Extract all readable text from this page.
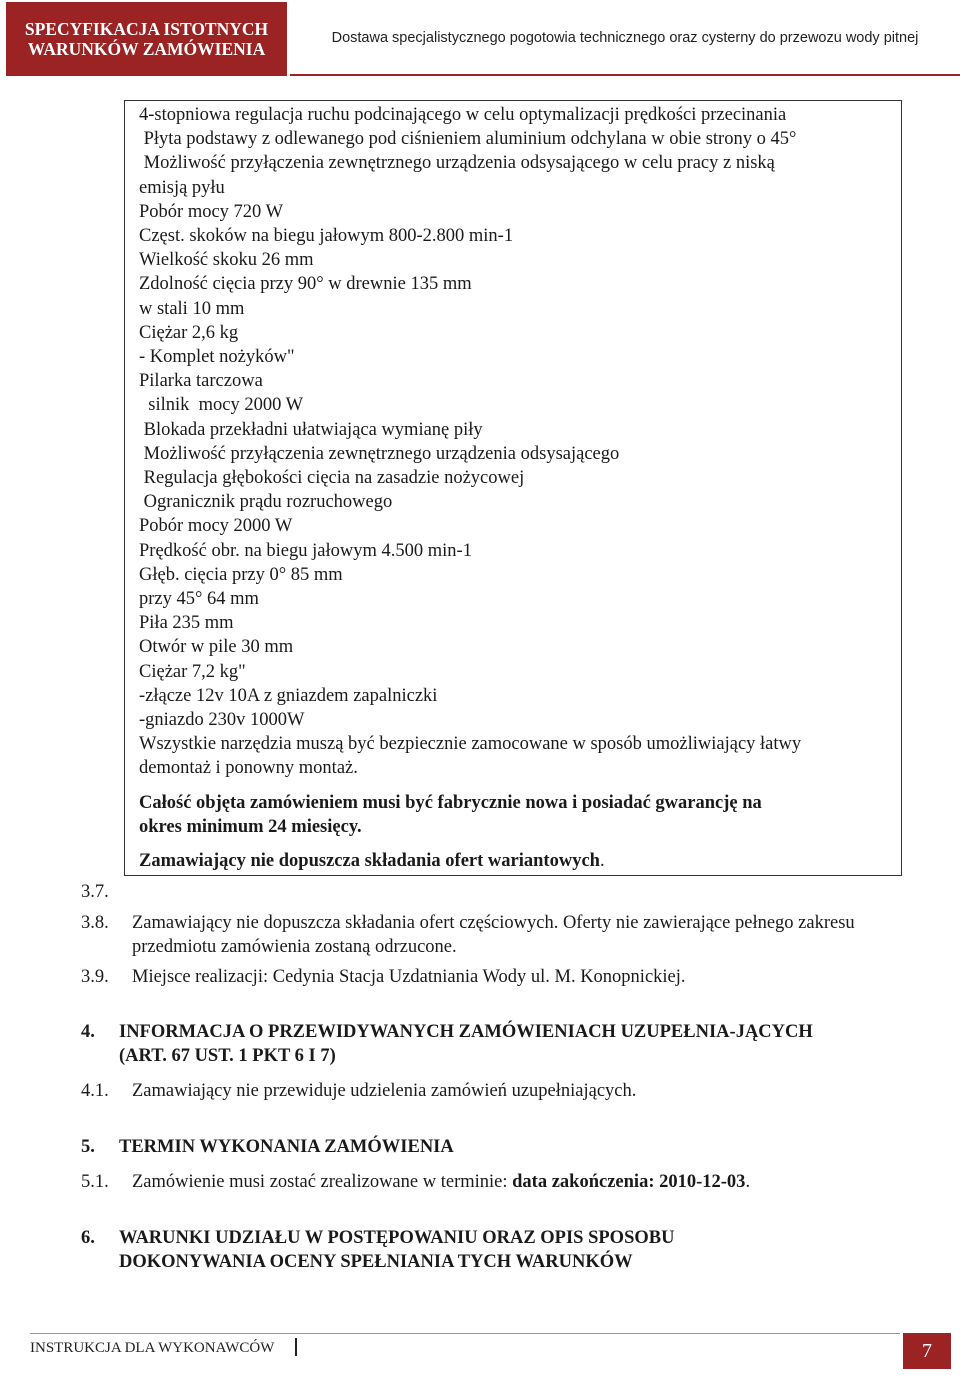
SPECYFIKACJA ISTOTNYCH
WARUNKÓW ZAMÓWIENIA
Dostawa specjalistycznego pogotowia technicznego oraz cysterny do przewozu wody pitnej
4-stopniowa regulacja ruchu podcinającego w celu optymalizacji prędkości przecinania
Płyta podstawy z odlewanego pod ciśnieniem aluminium odchylana w obie strony o 45°
Możliwość przyłączenia zewnętrznego urządzenia odsysającego w celu pracy z niską
emisją pyłu
Pobór mocy 720 W
Częst. skoków na biegu jałowym 800-2.800 min-1
Wielkość skoku 26 mm
Zdolność cięcia przy 90° w drewnie 135 mm
w stali 10 mm
Ciężar 2,6 kg
- Komplet nożyków"
Pilarka tarczowa
silnik  mocy 2000 W
Blokada przekładni ułatwiająca wymianę piły
Możliwość przyłączenia zewnętrznego urządzenia odsysającego
Regulacja głębokości cięcia na zasadzie nożycowej
Ogranicznik prądu rozruchowego
Pobór mocy 2000 W
Prędkość obr. na biegu jałowym 4.500 min-1
Głęb. cięcia przy 0° 85 mm
przy 45° 64 mm
Piła 235 mm
Otwór w pile 30 mm
Ciężar 7,2 kg"
-złącze 12v 10A z gniazdem zapalniczki
-gniazdo 230v 1000W
Wszystkie narzędzia muszą być bezpiecznie zamocowane w sposób umożliwiający łatwy
demontaż i ponowny montaż.
Całość objęta zamówieniem musi być fabrycznie nowa i posiadać gwarancję na
okres minimum 24 miesięcy.
Zamawiający nie dopuszcza składania ofert wariantowych.
3.7.
3.8.	Zamawiający nie dopuszcza składania ofert częściowych. Oferty nie zawierające pełnego zakresu przedmiotu zamówienia zostaną odrzucone.
3.9.	Miejsce realizacji: Cedynia Stacja Uzdatniania Wody ul. M. Konopnickiej.
4.	INFORMACJA O PRZEWIDYWANYCH ZAMÓWIENIACH UZUPEŁNIA-JĄCYCH (ART. 67 UST. 1 PKT 6 I 7)
4.1.	Zamawiający nie przewiduje udzielenia zamówień uzupełniających.
5.	TERMIN WYKONANIA ZAMÓWIENIA
5.1.	Zamówienie musi zostać zrealizowane w terminie: data zakończenia: 2010-12-03.
6.	WARUNKI UDZIAŁU W POSTĘPOWANIU ORAZ OPIS SPOSOBU DOKONYWANIA OCENY SPEŁNIANIA TYCH WARUNKÓW
INSTRUKCJA DLA WYKONAWCÓW	7
